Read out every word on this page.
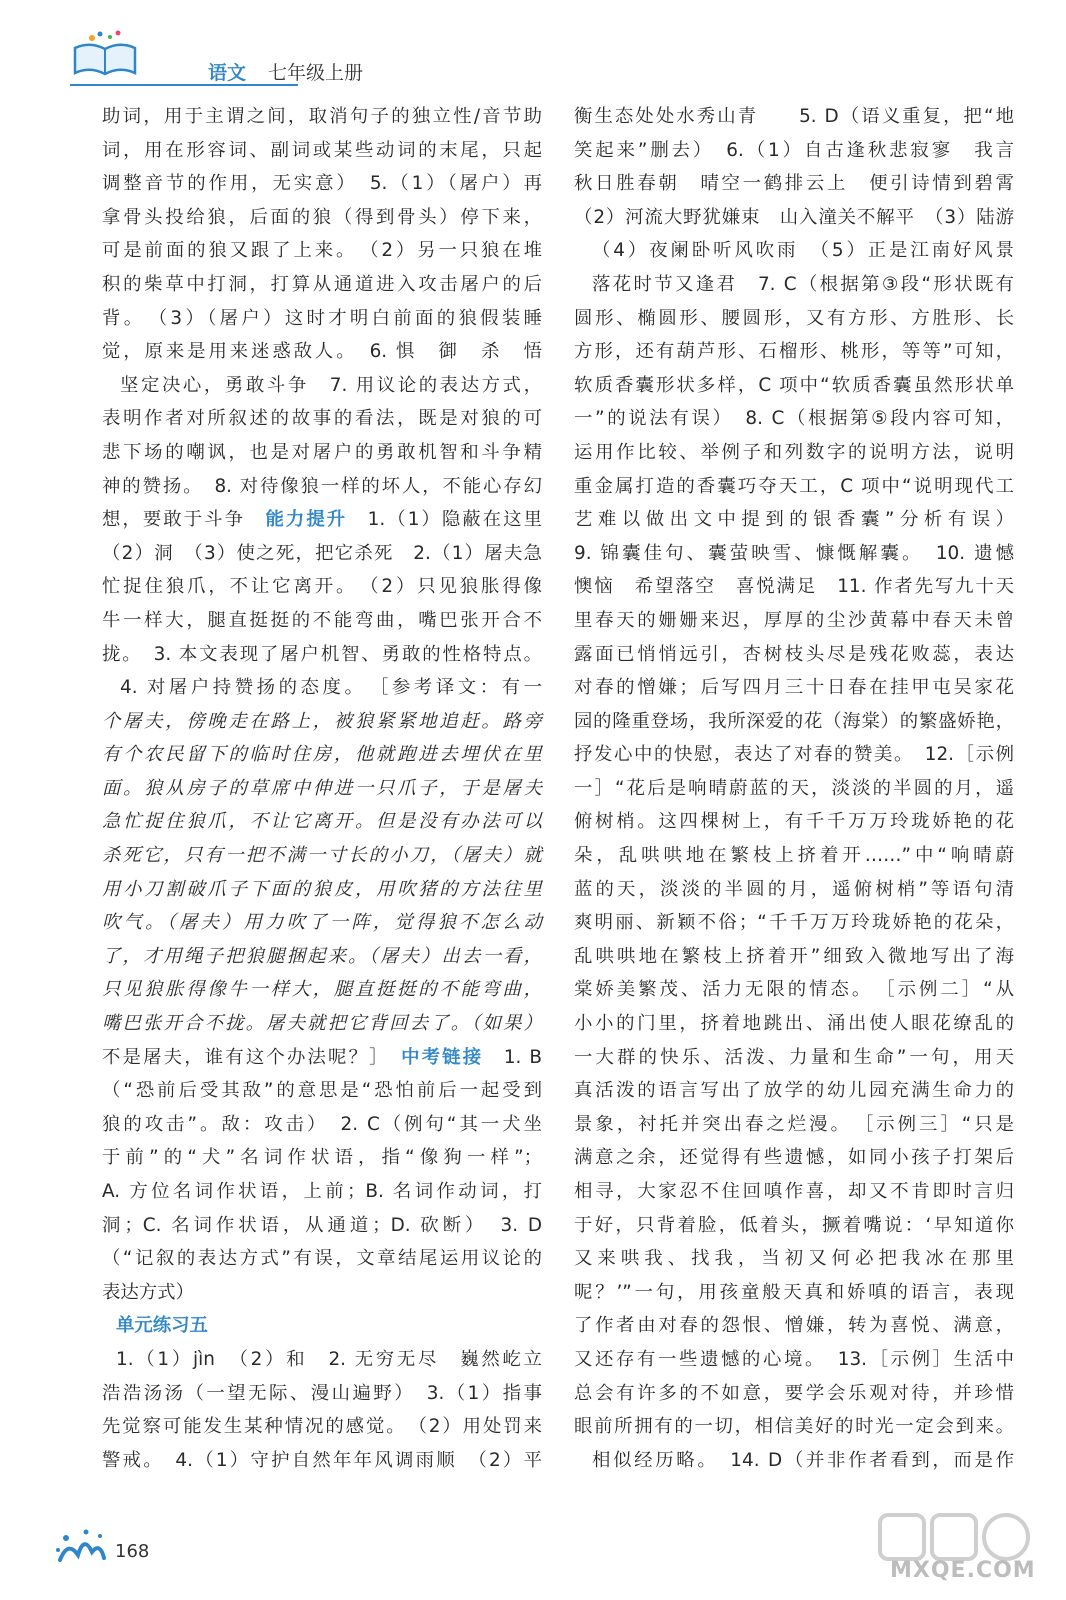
语文 七年级上册
助词，用于主谓之间，取消句子的独立性/音节助
词，用在形容词、副词或某些动词的末尾，只起
调整音节的作用，无实意）　5.（1）（屠户）再
拿骨头投给狼，后面的狼（得到骨头）停下来，
可是前面的狼又跟了上来。　（2）另一只狼在堆
积的柴草中打洞，打算从通道进入攻击屠户的后
背。　（3）（屠户）这时才明白前面的狼假装睡
觉，原来是用来迷惑敌人。　6. 惧　御　杀　悟
坚定决心，勇敢斗争　7. 用议论的表达方式，
表明作者对所叙述的故事的看法，既是对狼的可
悲下场的嘲讽，也是对屠户的勇敢机智和斗争精
神的赞扬。　8. 对待像狼一样的坏人，不能心存幻
想，要敢于斗争　能力提升　1.（1）隐蔽在这里
（2）洞　（3）使之死，把它杀死　2.（1）屠夫急
忙捉住狼爪，不让它离开。　（2）只见狼胀得像
牛一样大，腿直挺挺的不能弯曲，嘴巴张开合不
拢。　3. 本文表现了屠户机智、勇敢的性格特点。
4. 对屠户持赞扬的态度。　［参考译文：有一
个屠夫，傍晚走在路上，被狼紧紧地追赶。路旁
有个农民留下的临时住房，他就跑进去埋伏在里
面。狼从房子的草席中伸进一只爪子，于是屠夫
急忙捉住狼爪，不让它离开。但是没有办法可以
杀死它，只有一把不满一寸长的小刀，（屠夫）就
用小刀割破爪子下面的狼皮，用吹猪的方法往里
吹气。（屠夫）用力吹了一阵，觉得狼不怎么动
了，才用绳子把狼腿捆起来。（屠夫）出去一看，
只见狼胀得像牛一样大，腿直挺挺的不能弯曲，
嘴巴张开合不拢。屠夫就把它背回去了。（如果）
不是屠夫，谁有这个办法呢？］　中考链接　1. B
（“恐前后受其敌”的意思是“恐怕前后一起受到
狼的攻击”。敌：攻击）　2. C（例句“其一犬坐
于前”的“犬”名词作状语，指“像狗一样”；
A. 方位名词作状语，上前；B. 名词作动词，打
洞；C. 名词作状语，从通道；D. 砍断）　3. D
（“记叙的表达方式”有误，文章结尾运用议论的
表达方式）
单元练习五
1.（1）jìn　（2）和　2. 无穷无尽　巍然屹立
浩浩汤汤（一望无际、漫山遍野）　3.（1）指事
先觉察可能发生某种情况的感觉。　（2）用处罚来
警戒。　4.（1）守护自然年年风调雨顺　（2）平
衡生态处处水秀山青　　5. D（语义重复，把“地
笑起来”删去）　6.（1）自古逢秋悲寂寥　我言
秋日胜春朝　晴空一鹤排云上　便引诗情到碧霄
（2）河流大野犹嫌束　山入潼关不解平　（3）陆游
（4）夜阑卧听风吹雨　（5）正是江南好风景
落花时节又逢君　7. C（根据第③段“形状既有
圆形、椭圆形、腰圆形，又有方形、方胜形、长
方形，还有葫芦形、石榴形、桃形，等等”可知，
软质香囊形状多样，C 项中“软质香囊虽然形状单
一”的说法有误）　8. C（根据第⑤段内容可知，
运用作比较、举例子和列数字的说明方法，说明
重金属打造的香囊巧夺天工，C 项中“说明现代工
艺难以做出文中提到的银香囊”分析有误）
9. 锦囊佳句、囊萤映雪、慷慨解囊。　10. 遗憾
懊恼　希望落空　喜悦满足　11. 作者先写九十天
里春天的姗姗来迟，厚厚的尘沙黄幕中春天未曾
露面已悄悄远引，杏树枝头尽是残花败蕊，表达
对春的憎嫌；后写四月三十日春在挂甲屯吴家花
园的隆重登场，我所深爱的花（海棠）的繁盛娇艳，
抒发心中的快慰，表达了对春的赞美。　12.［示例
一］“花后是响晴蔚蓝的天，淡淡的半圆的月，遥
俯树梢。这四棵树上，有千千万万玲珑娇艳的花
朵，乱哄哄地在繁枝上挤着开……”中“响晴蔚
蓝的天，淡淡的半圆的月，遥俯树梢”等语句清
爽明丽、新颖不俗；“千千万万玲珑娇艳的花朵，
乱哄哄地在繁枝上挤着开”细致入微地写出了海
棠娇美繁茂、活力无限的情态。　［示例二］“从
小小的门里，挤着地跳出、涌出使人眼花缭乱的
一大群的快乐、活泼、力量和生命”一句，用天
真活泼的语言写出了放学的幼儿园充满生命力的
景象，衬托并突出春之烂漫。　［示例三］“只是
满意之余，还觉得有些遗憾，如同小孩子打架后
相寻，大家忍不住回嗔作喜，却又不肯即时言归
于好，只背着脸，低着头，撅着嘴说：‘早知道你
又来哄我、找我，当初又何必把我冰在那里
呢？’”一句，用孩童般天真和娇嗔的语言，表现
了作者由对春的怨恨、憎嫌，转为喜悦、满意，
又还存有一些遗憾的心境。　13.［示例］生活中
总会有许多的不如意，要学会乐观对待，并珍惜
眼前所拥有的一切，相信美好的时光一定会到来。
相似经历略。　14. D（并非作者看到，而是作
168
MXQE.COM
